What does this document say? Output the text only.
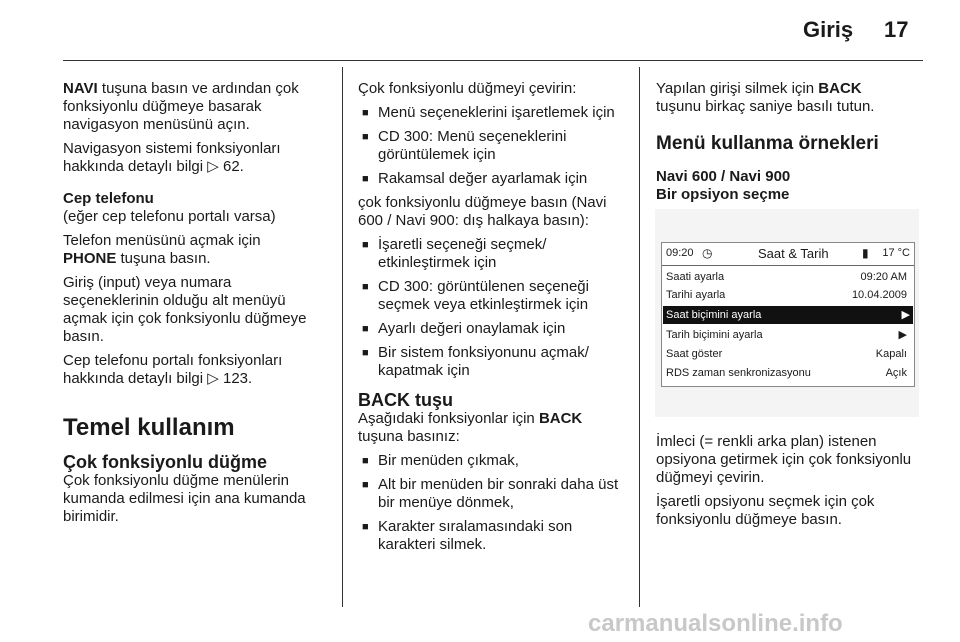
Giriş 17

NAVI tuşuna basın ve ardından çok fonksiyonlu düğmeye basarak navigasyon menüsünü açın.

Navigasyon sistemi fonksiyonları hakkında detaylı bilgi ▷ 62.

Cep telefonu

(eğer cep telefonu portalı varsa)

Telefon menüsünü açmak için
PHONE tuşuna basın.

Giriş (input) veya numara seçeneklerinin olduğu alt menüyü açmak için çok fonksiyonlu düğmeye basın.

Cep telefonu portalı fonksiyonları hakkında detaylı bilgi ▷ 123.

Temel kullanım
Çok fonksiyonlu düğme

Çok fonksiyonlu düğme menülerin kumanda edilmesi için ana kumanda birimidir.

Çok fonksiyonlu düğmeyi çevirin:

■ Menü seçeneklerini işaretlemek için
■ CD 300: Menü seçeneklerini görüntülemek için
■ Rakamsal değer ayarlamak için

çok fonksiyonlu düğmeye basın (Navi 600 / Navi 900: dış halkaya basın):

■ İşaretli seçeneği seçmek/ etkinleştirmek için
■ CD 300: görüntülenen seçeneği seçmek veya etkinleştirmek için
■ Ayarlı değeri onaylamak için
■ Bir sistem fonksiyonunu açmak/ kapatmak için
BACK tuşu

Aşağıdaki fonksiyonlar için BACK
tuşuna basınız:

■ Bir menüden çıkmak,
■ Alt bir menüden bir sonraki daha üst bir menüye dönmek,
■ Karakter sıralamasındaki son karakteri silmek.

Yapılan girişi silmek için BACK
tuşunu birkaç saniye basılı tutun.

Menü kullanma örnekleri
Navi 600 / Navi 900
Bir opsiyon seçme
09:20 ◷	Saat & Tarih	▮ 17 °C
Saati ayarla	09:20 AM
Tarihi ayarla	10.04.2009
Saat biçimini ayarla	▶
Tarih biçimini ayarla	▶
Saat göster	Kapalı
RDS zaman senkronizasyonu	Açık

İmleci (= renkli arka plan) istenen opsiyona getirmek için çok fonksiyonlu düğmeyi çevirin.

İşaretli opsiyonu seçmek için çok fonksiyonlu düğmeye basın.

carmanualsonline.info
